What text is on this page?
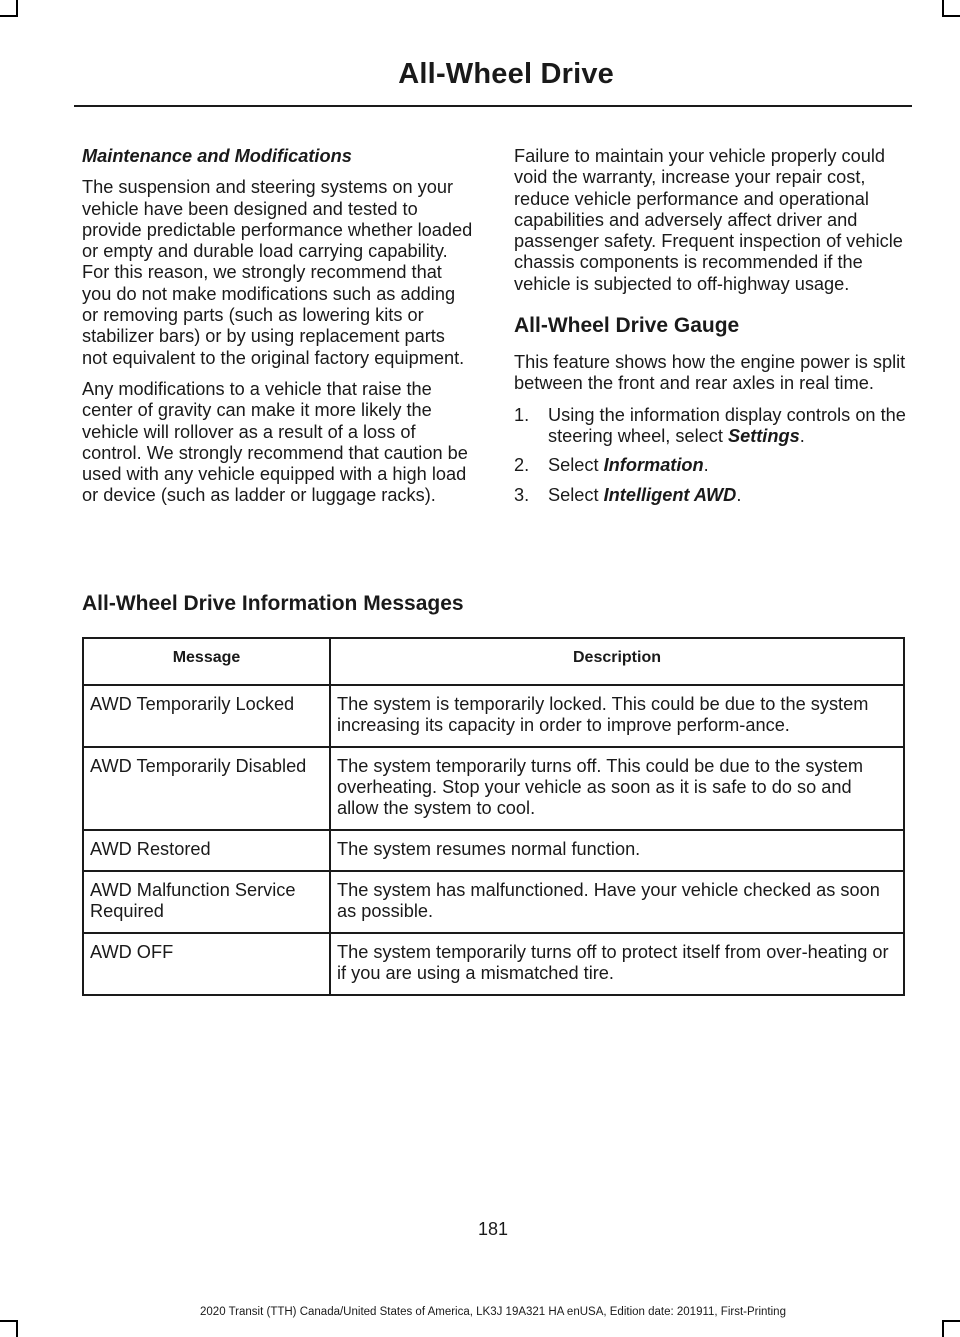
All-Wheel Drive

Maintenance and Modifications

The suspension and steering systems on your vehicle have been designed and tested to provide predictable performance whether loaded or empty and durable load carrying capability. For this reason, we strongly recommend that you do not make modifications such as adding or removing parts (such as lowering kits or stabilizer bars) or by using replacement parts not equivalent to the original factory equipment.

Any modifications to a vehicle that raise the center of gravity can make it more likely the vehicle will rollover as a result of a loss of control. We strongly recommend that caution be used with any vehicle equipped with a high load or device (such as ladder or luggage racks).

Failure to maintain your vehicle properly could void the warranty, increase your repair cost, reduce vehicle performance and operational capabilities and adversely affect driver and passenger safety. Frequent inspection of vehicle chassis components is recommended if the vehicle is subjected to off-highway usage.

All-Wheel Drive Gauge

This feature shows how the engine power is split between the front and rear axles in real time.

1. Using the information display controls on the steering wheel, select Settings.
2. Select Information.
3. Select Intelligent AWD.
All-Wheel Drive Information Messages
Message	Description
AWD Temporarily Locked	The system is temporarily locked. This could be due to the system increasing its capacity in order to improve perform-ance.
AWD Temporarily Disabled	The system temporarily turns off. This could be due to the system overheating. Stop your vehicle as soon as it is safe to do so and allow the system to cool.
AWD Restored	The system resumes normal function.
AWD Malfunction Service Required	The system has malfunctioned. Have your vehicle checked as soon as possible.
AWD OFF	The system temporarily turns off to protect itself from over-heating or if you are using a mismatched tire.
181
2020 Transit (TTH) Canada/United States of America, LK3J 19A321 HA enUSA, Edition date: 201911, First-Printing
